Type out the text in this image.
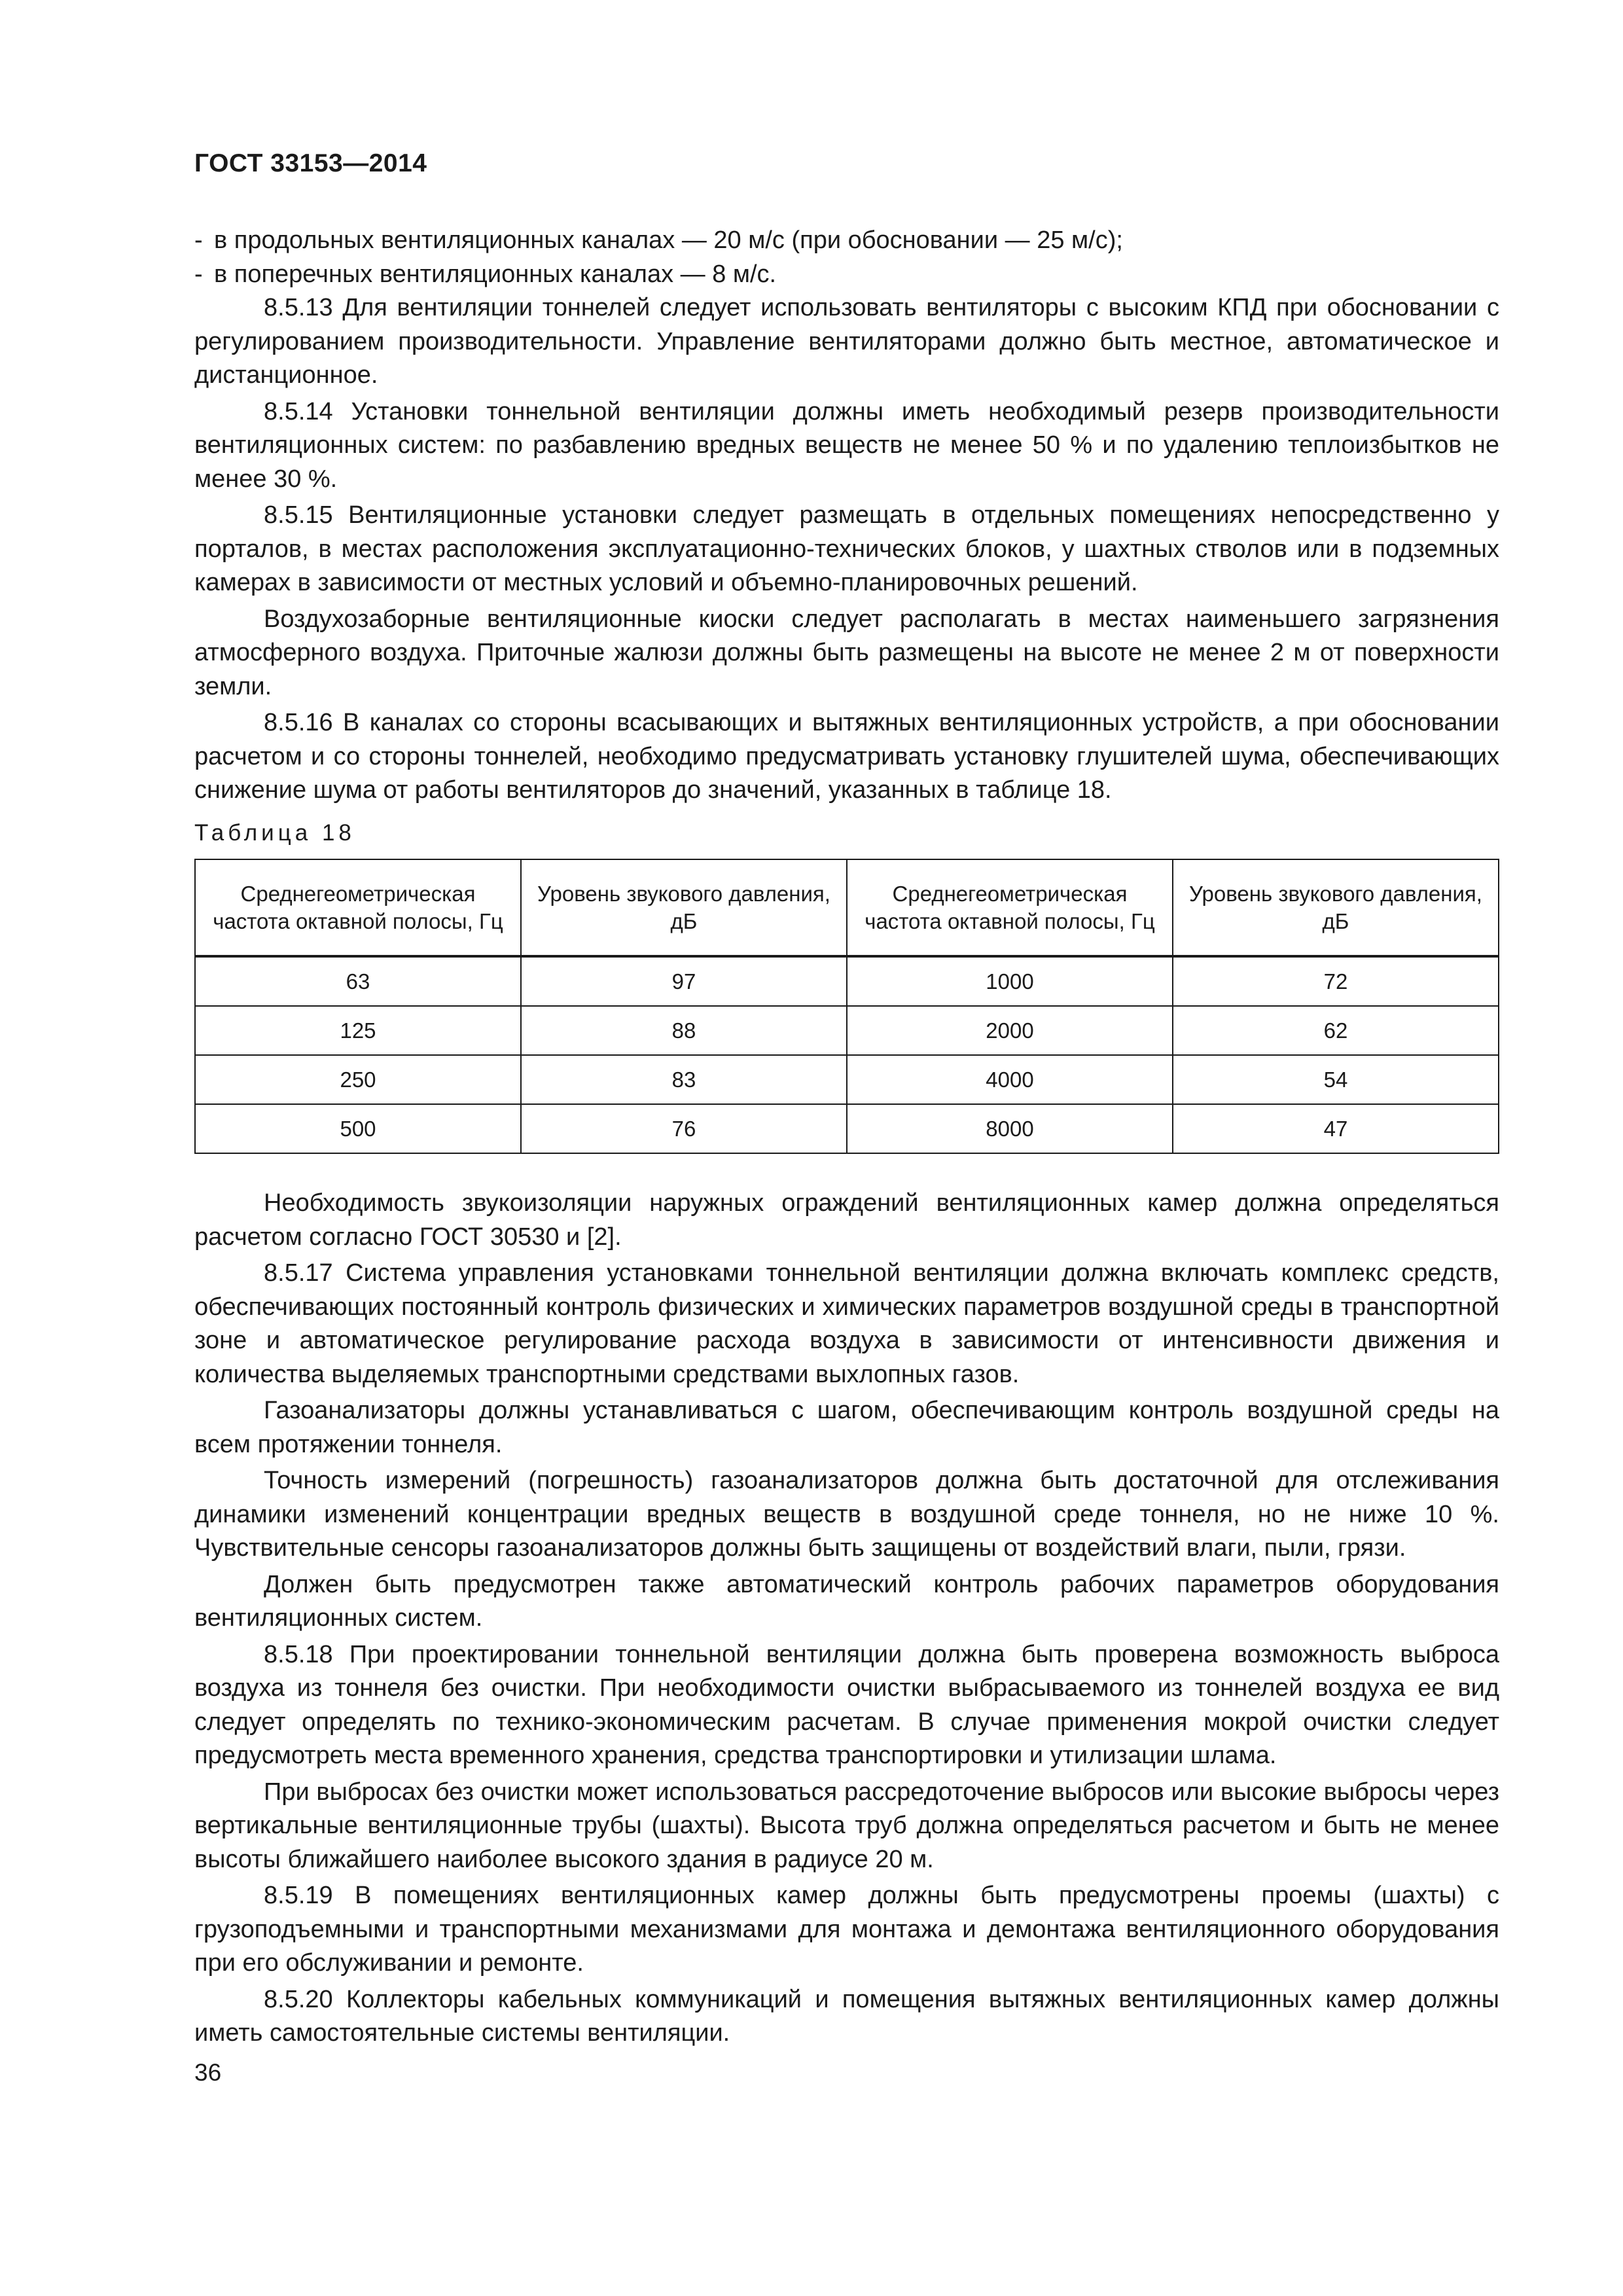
ГОСТ 33153—2014

- в продольных вентиляционных каналах — 20 м/с (при обосновании — 25 м/с);

- в поперечных вентиляционных каналах — 8 м/с.

8.5.13 Для вентиляции тоннелей следует использовать вентиляторы с высоким КПД при обосновании с регулированием производительности. Управление вентиляторами должно быть местное, автоматическое и дистанционное.

8.5.14 Установки тоннельной вентиляции должны иметь необходимый резерв производительности вентиляционных систем: по разбавлению вредных веществ не менее 50 % и по удалению теплоизбытков не менее 30 %.

8.5.15 Вентиляционные установки следует размещать в отдельных помещениях непосредственно у порталов, в местах расположения эксплуатационно-технических блоков, у шахтных стволов или в подземных камерах в зависимости от местных условий и объемно-планировочных решений.

Воздухозаборные вентиляционные киоски следует располагать в местах наименьшего загрязнения атмосферного воздуха. Приточные жалюзи должны быть размещены на высоте не менее 2 м от поверхности земли.

8.5.16 В каналах со стороны всасывающих и вытяжных вентиляционных устройств, а при обосновании расчетом и со стороны тоннелей, необходимо предусматривать установку глушителей шума, обеспечивающих снижение шума от работы вентиляторов до значений, указанных в таблице 18.

Таблица 18
Среднегеометрическая частота октавной полосы, Гц	Уровень звукового давления, дБ	Среднегеометрическая частота октавной полосы, Гц	Уровень звукового давления, дБ
63	97	1000	72
125	88	2000	62
250	83	4000	54
500	76	8000	47

Необходимость звукоизоляции наружных ограждений вентиляционных камер должна определяться расчетом согласно ГОСТ 30530 и [2].

8.5.17 Система управления установками тоннельной вентиляции должна включать комплекс средств, обеспечивающих постоянный контроль физических и химических параметров воздушной среды в транспортной зоне и автоматическое регулирование расхода воздуха в зависимости от интенсивности движения и количества выделяемых транспортными средствами выхлопных газов.

Газоанализаторы должны устанавливаться с шагом, обеспечивающим контроль воздушной среды на всем протяжении тоннеля.

Точность измерений (погрешность) газоанализаторов должна быть достаточной для отслеживания динамики изменений концентрации вредных веществ в воздушной среде тоннеля, но не ниже 10 %. Чувствительные сенсоры газоанализаторов должны быть защищены от воздействий влаги, пыли, грязи.

Должен быть предусмотрен также автоматический контроль рабочих параметров оборудования вентиляционных систем.

8.5.18 При проектировании тоннельной вентиляции должна быть проверена возможность выброса воздуха из тоннеля без очистки. При необходимости очистки выбрасываемого из тоннелей воздуха ее вид следует определять по технико-экономическим расчетам. В случае применения мокрой очистки следует предусмотреть места временного хранения, средства транспортировки и утилизации шлама.

При выбросах без очистки может использоваться рассредоточение выбросов или высокие выбросы через вертикальные вентиляционные трубы (шахты). Высота труб должна определяться расчетом и быть не менее высоты ближайшего наиболее высокого здания в радиусе 20 м.

8.5.19 В помещениях вентиляционных камер должны быть предусмотрены проемы (шахты) с грузоподъемными и транспортными механизмами для монтажа и демонтажа вентиляционного оборудования при его обслуживании и ремонте.

8.5.20 Коллекторы кабельных коммуникаций и помещения вытяжных вентиляционных камер должны иметь самостоятельные системы вентиляции.

36
